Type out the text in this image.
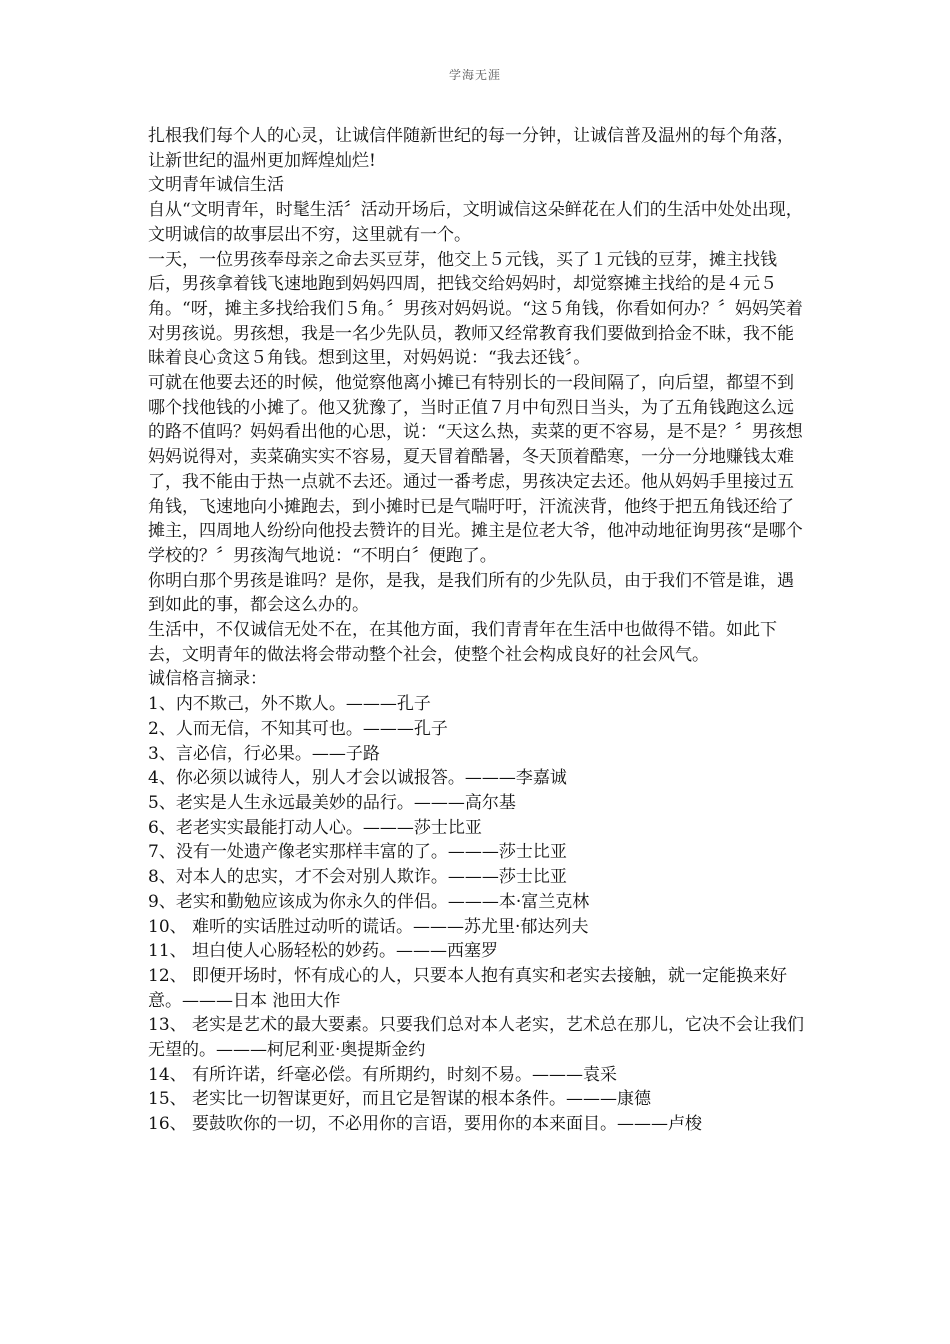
学海无涯

扎根我们每个人的心灵，让诚信伴随新世纪的每一分钟，让诚信普及温州的每个角落，让新世纪的温州更加辉煌灿烂!

文明青年诚信生活

自从“文明青年，时髦生活〞活动开场后，文明诚信这朵鲜花在人们的生活中处处出现，文明诚信的故事层出不穷，这里就有一个。

一天，一位男孩奉母亲之命去买豆芽，他交上５元钱，买了１元钱的豆芽，摊主找钱后，男孩拿着钱飞速地跑到妈妈四周，把钱交给妈妈时，却觉察摊主找给的是４元５角。“呀，摊主多找给我们５角。〞男孩对妈妈说。“这５角钱，你看如何办？〞妈妈笑着对男孩说。男孩想，我是一名少先队员，教师又经常教育我们要做到拾金不昧，我不能昧着良心贪这５角钱。想到这里，对妈妈说：“我去还钱〞。

可就在他要去还的时候，他觉察他离小摊已有特别长的一段间隔了，向后望，都望不到哪个找他钱的小摊了。他又犹豫了，当时正值７月中旬烈日当头，为了五角钱跑这么远的路不值吗？妈妈看出他的心思，说：“天这么热，卖菜的更不容易，是不是？〞男孩想妈妈说得对，卖菜确实实不容易，夏天冒着酷暑，冬天顶着酷寒，一分一分地赚钱太难了，我不能由于热一点就不去还。通过一番考虑，男孩决定去还。他从妈妈手里接过五角钱，飞速地向小摊跑去，到小摊时已是气喘吁吁，汗流浃背，他终于把五角钱还给了摊主，四周地人纷纷向他投去赞许的目光。摊主是位老大爷，他冲动地征询男孩“是哪个学校的？〞男孩淘气地说：“不明白〞便跑了。

你明白那个男孩是谁吗？是你，是我，是我们所有的少先队员，由于我们不管是谁，遇到如此的事，都会这么办的。

生活中，不仅诚信无处不在，在其他方面，我们青青年在生活中也做得不错。如此下去，文明青年的做法将会带动整个社会，使整个社会构成良好的社会风气。

诚信格言摘录：

1、内不欺己，外不欺人。———孔子
2、人而无信，不知其可也。———孔子
3、言必信，行必果。——子路
4、你必须以诚待人，别人才会以诚报答。———李嘉诚
5、老实是人生永远最美妙的品行。———高尔基
6、老老实实最能打动人心。———莎士比亚
7、没有一处遗产像老实那样丰富的了。———莎士比亚
8、对本人的忠实，才不会对别人欺诈。———莎士比亚
9、老实和勤勉应该成为你永久的伴侣。———本·富兰克林
10、 难听的实话胜过动听的谎话。———苏尤里·郁达列夫
11、 坦白使人心肠轻松的妙药。———西塞罗
12、 即便开场时，怀有成心的人，只要本人抱有真实和老实去接触，就一定能换来好意。———日本 池田大作
13、 老实是艺术的最大要素。只要我们总对本人老实，艺术总在那儿，它决不会让我们无望的。———柯尼利亚·奥提斯金约
14、 有所许诺，纤毫必偿。有所期约，时刻不易。———袁采
15、 老实比一切智谋更好，而且它是智谋的根本条件。———康德
16、 要鼓吹你的一切，不必用你的言语，要用你的本来面目。———卢梭
